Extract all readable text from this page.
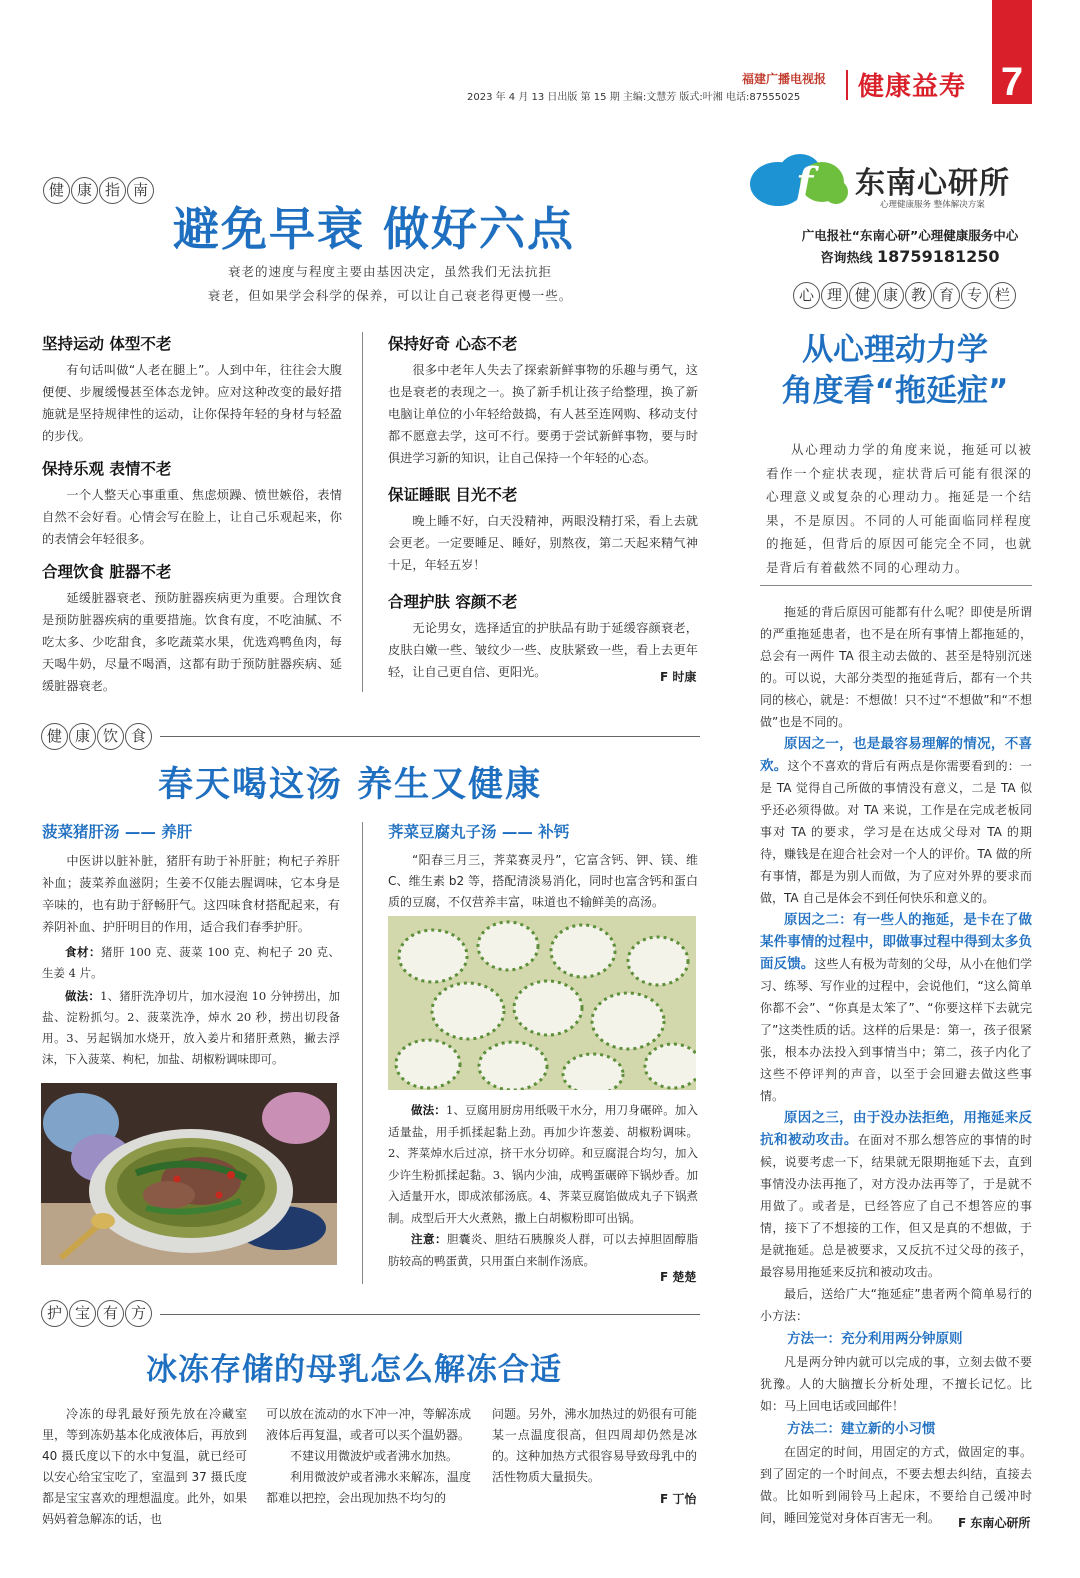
福建广播电视报
2023 年 4 月 13 日出版 第 15 期 主编:文慧芳 版式:叶湘 电话:87555025 健康益寿 7
健 康 指 南
避免早衰 做好六点
衰老的速度与程度主要由基因决定，虽然我们无法抗拒
衰老，但如果学会科学的保养，可以让自己衰老得更慢一些。
坚持运动 体型不老

有句话叫做“人老在腿上”。人到中年，往往会大腹便便、步履缓慢甚至体态龙钟。应对这种改变的最好措施就是坚持规律性的运动，让你保持年轻的身材与轻盈的步伐。

保持乐观 表情不老

一个人整天心事重重、焦虑烦躁、愤世嫉俗，表情自然不会好看。心情会写在脸上，让自己乐观起来，你的表情会年轻很多。

合理饮食 脏器不老

延缓脏器衰老、预防脏器疾病更为重要。合理饮食是预防脏器疾病的重要措施。饮食有度，不吃油腻、不吃太多、少吃甜食，多吃蔬菜水果，优选鸡鸭鱼肉，每天喝牛奶，尽量不喝酒，这都有助于预防脏器疾病、延缓脏器衰老。

保持好奇 心态不老

很多中老年人失去了探索新鲜事物的乐趣与勇气，这也是衰老的表现之一。换了新手机让孩子给整理，换了新电脑让单位的小年轻给鼓捣，有人甚至连网购、移动支付都不愿意去学，这可不行。要勇于尝试新鲜事物，要与时俱进学习新的知识，让自己保持一个年轻的心态。

保证睡眠 目光不老

晚上睡不好，白天没精神，两眼没精打采，看上去就会更老。一定要睡足、睡好，别熬夜，第二天起来精气神十足，年轻五岁！

合理护肤 容颜不老

无论男女，选择适宜的护肤品有助于延缓容颜衰老，皮肤白嫩一些、皱纹少一些、皮肤紧致一些，看上去更年轻，让自己更自信、更阳光。	F 时康
健 康 饮 食
春天喝这汤 养生又健康
菠菜猪肝汤 —— 养肝

中医讲以脏补脏，猪肝有助于补肝脏；枸杞子养肝补血；菠菜养血滋阴；生姜不仅能去腥调味，它本身是辛味的，也有助于舒畅肝气。这四味食材搭配起来，有养阴补血、护肝明目的作用，适合我们春季护肝。

食材：猪肝 100 克、菠菜 100 克、枸杞子 20 克、生姜 4 片。

做法：1、猪肝洗净切片，加水浸泡 10 分钟捞出，加盐、淀粉抓匀。2、菠菜洗净，焯水 20 秒，捞出切段备用。3、另起锅加水烧开，放入姜片和猪肝煮熟，撇去浮沫，下入菠菜、枸杞，加盐、胡椒粉调味即可。

荠菜豆腐丸子汤 —— 补钙

“阳春三月三，荠菜赛灵丹”，它富含钙、钾、镁、维 C、维生素 b2 等，搭配清淡易消化，同时也富含钙和蛋白质的豆腐，不仅营养丰富，味道也不输鲜美的高汤。

做法：1、豆腐用厨房用纸吸干水分，用刀身碾碎。加入适量盐，用手抓揉起黏上劲。再加少许葱姜、胡椒粉调味。2、荠菜焯水后过凉，挤干水分切碎。和豆腐混合均匀，加入少许生粉抓揉起黏。3、锅内少油，成鸭蛋碾碎下锅炒香。加入适量开水，即成浓郁汤底。4、荠菜豆腐馅做成丸子下锅煮制。成型后开大火煮熟，撒上白胡椒粉即可出锅。

注意：胆囊炎、胆结石胰腺炎人群，可以去掉胆固醇脂肪较高的鸭蛋黄，只用蛋白来制作汤底。

F 楚楚
护 宝 有 方
冰冻存储的母乳怎么解冻合适

冷冻的母乳最好预先放在冷藏室里，等到冻奶基本化成液体后，再放到 40 摄氏度以下的水中复温，就已经可以安心给宝宝吃了，室温到 37 摄氏度都是宝宝喜欢的理想温度。此外，如果妈妈着急解冻的话，也

可以放在流动的水下冲一冲，等解冻成液体后再复温，或者可以买个温奶器。

不建议用微波炉或者沸水加热。

利用微波炉或者沸水来解冻，温度都难以把控，会出现加热不均匀的

问题。另外，沸水加热过的奶很有可能某一点温度很高，但四周却仍然是冰的。这种加热方式很容易导致母乳中的活性物质大量损失。

F 丁怡
f 东南心研所
心理健康服务 整体解决方案
广电报社“东南心研”心理健康服务中心
咨询热线 18759181250
心 理 健 康 教 育 专 栏
从心理动力学
角度看“拖延症”

从心理动力学的角度来说，拖延可以被看作一个症状表现，症状背后可能有很深的心理意义或复杂的心理动力。拖延是一个结果，不是原因。不同的人可能面临同样程度的拖延，但背后的原因可能完全不同，也就是背后有着截然不同的心理动力。

拖延的背后原因可能都有什么呢？即使是所谓的严重拖延患者，也不是在所有事情上都拖延的，总会有一两件 TA 很主动去做的、甚至是特别沉迷的。可以说，大部分类型的拖延背后，都有一个共同的核心，就是：不想做！只不过“不想做”和“不想做”也是不同的。

原因之一，也是最容易理解的情况，不喜欢。这个不喜欢的背后有两点是你需要看到的：一是 TA 觉得自己所做的事情没有意义，二是 TA 似乎还必须得做。对 TA 来说，工作是在完成老板同事对 TA 的要求，学习是在达成父母对 TA 的期待，赚钱是在迎合社会对一个人的评价。TA 做的所有事情，都是为别人而做，为了应对外界的要求而做，TA 自己是体会不到任何快乐和意义的。

原因之二：有一些人的拖延，是卡在了做某件事情的过程中，即做事过程中得到太多负面反馈。这些人有极为苛刻的父母，从小在他们学习、练琴、写作业的过程中，会说他们，“这么简单你都不会”、“你真是太笨了”、“你要这样下去就完了”这类性质的话。这样的后果是：第一，孩子很紧张，根本办法投入到事情当中；第二，孩子内化了这些不停评判的声音，以至于会回避去做这些事情。

原因之三，由于没办法拒绝，用拖延来反抗和被动攻击。在面对不那么想答应的事情的时候，说要考虑一下，结果就无限期拖延下去，直到事情没办法再拖了，对方没办法再等了，于是就不用做了。或者是，已经答应了自己不想答应的事情，接下了不想接的工作，但又是真的不想做，于是就拖延。总是被要求，又反抗不过父母的孩子，最容易用拖延来反抗和被动攻击。

最后，送给广大“拖延症”患者两个简单易行的小方法：

方法一：充分利用两分钟原则

凡是两分钟内就可以完成的事，立刻去做不要犹豫。人的大脑擅长分析处理，不擅长记忆。比如：马上回电话或回邮件！

方法二：建立新的小习惯

在固定的时间，用固定的方式，做固定的事。到了固定的一个时间点，不要去想去纠结，直接去做。比如听到闹铃马上起床，不要给自己缓冲时间，睡回笼觉对身体百害无一利。	F 东南心研所
